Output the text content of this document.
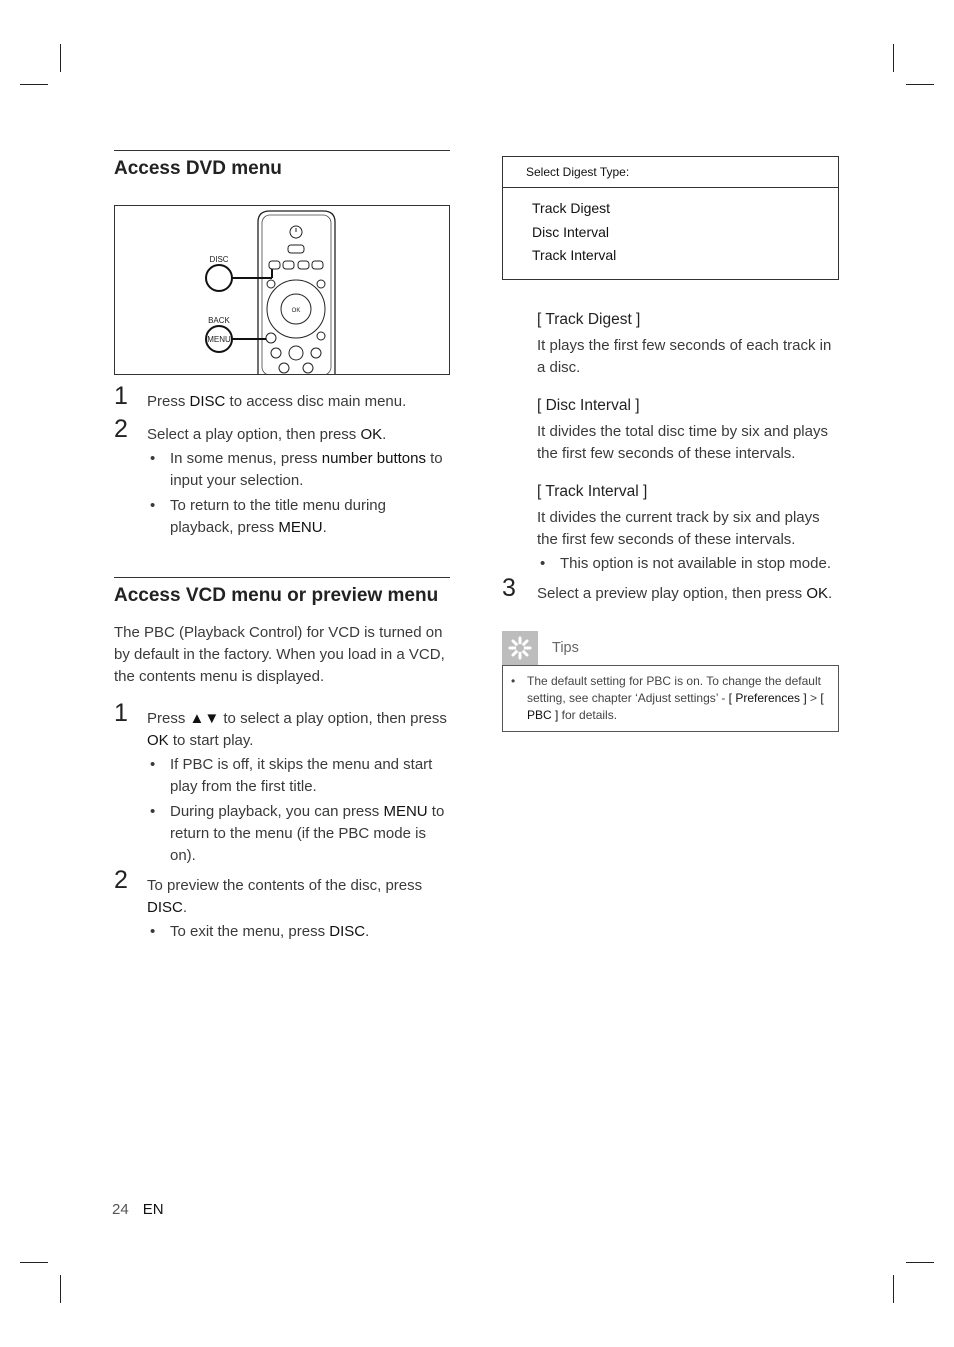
Access DVD menu
OK
DISC
BACK
MENU
1 Press DISC to access disc main menu.
2 Select a play option, then press OK.
• In some menus, press number buttons to input your selection.
• To return to the title menu during playback, press MENU.
Access VCD menu or preview menu

The PBC (Playback Control) for VCD is turned on by default in the factory. When you load in a VCD, the contents menu is displayed.

1 Press ▲▼ to select a play option, then press OK to start play.
• If PBC is off, it skips the menu and start play from the first title.
• During playback, you can press MENU to return to the menu (if the PBC mode is on).
2 To preview the contents of the disc, press DISC.
• To exit the menu, press DISC.
Select Digest Type:
Track Digest
Disc Interval
Track Interval
[ Track Digest ]
It plays the first few seconds of each track in a disc.
[ Disc Interval ]
It divides the total disc time by six and plays the first few seconds of these intervals.
[ Track Interval ]
It divides the current track by six and plays the first few seconds of these intervals.
• This option is not available in stop mode.
3 Select a preview play option, then press OK.
Tips

• The default setting for PBC is on. To change the default setting, see chapter ‘Adjust settings’ - [ Preferences ] > [ PBC ] for details.

24 EN
